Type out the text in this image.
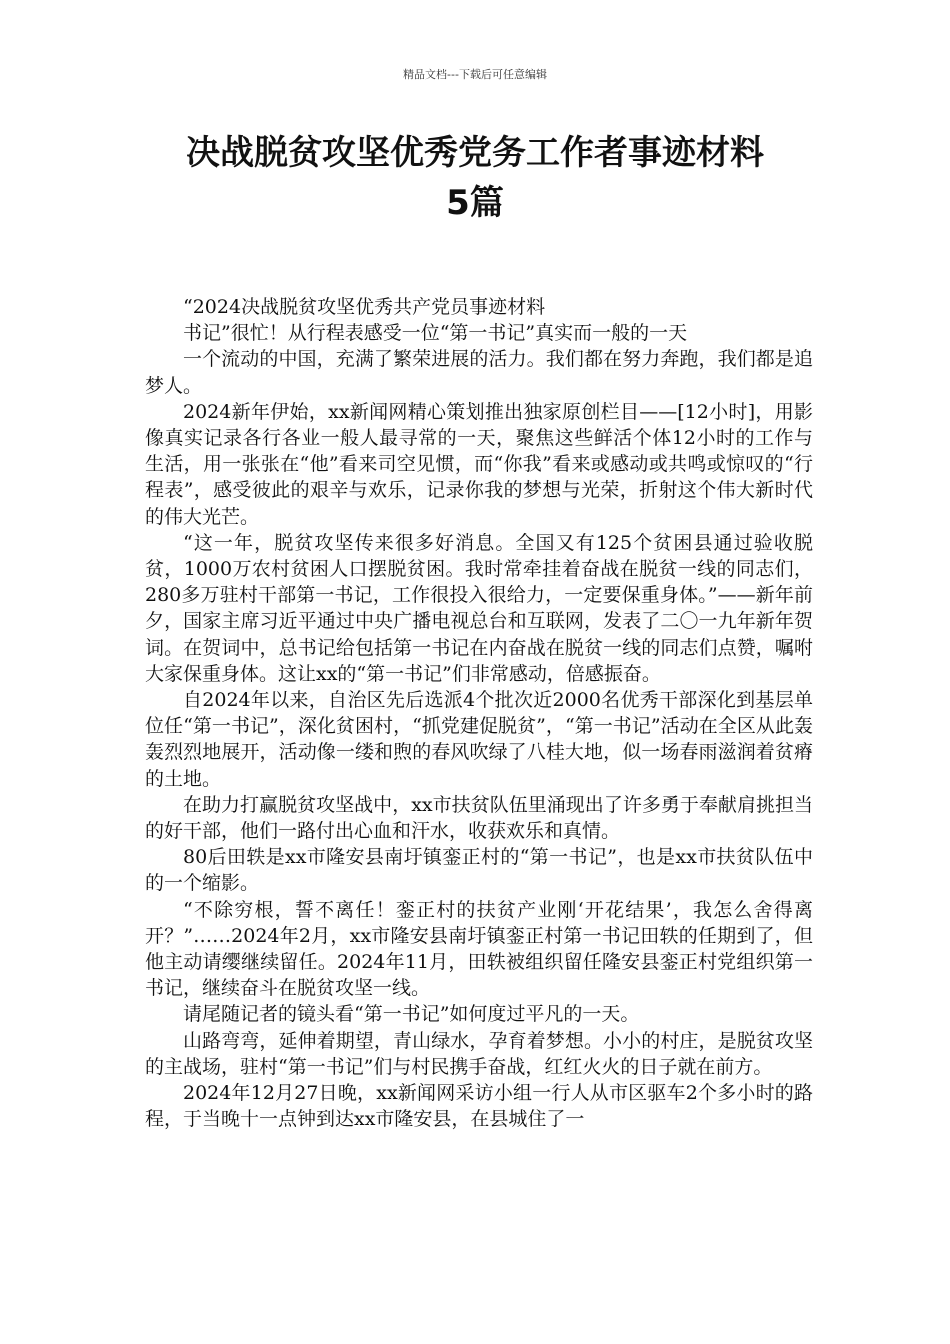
精品文档---下载后可任意编辑
决战脱贫攻坚优秀党务工作者事迹材料
5篇

“2024决战脱贫攻坚优秀共产党员事迹材料

书记”很忙！从行程表感受一位“第一书记”真实而一般的一天

一个流动的中国，充满了繁荣进展的活力。我们都在努力奔跑，我们都是追梦人。

2024新年伊始，xx新闻网精心策划推出独家原创栏目——[12小时]，用影像真实记录各行各业一般人最寻常的一天，聚焦这些鲜活个体12小时的工作与生活，用一张张在“他”看来司空见惯，而“你我”看来或感动或共鸣或惊叹的“行程表”，感受彼此的艰辛与欢乐，记录你我的梦想与光荣，折射这个伟大新时代的伟大光芒。

“这一年，脱贫攻坚传来很多好消息。全国又有125个贫困县通过验收脱贫，1000万农村贫困人口摆脱贫困。我时常牵挂着奋战在脱贫一线的同志们，280多万驻村干部第一书记，工作很投入很给力，一定要保重身体。”——新年前夕，国家主席习近平通过中央广播电视总台和互联网，发表了二〇一九年新年贺词。在贺词中，总书记给包括第一书记在内奋战在脱贫一线的同志们点赞，嘱咐大家保重身体。这让xx的“第一书记”们非常感动，倍感振奋。

自2024年以来，自治区先后选派4个批次近2000名优秀干部深化到基层单位任“第一书记”，深化贫困村，“抓党建促脱贫”，“第一书记”活动在全区从此轰轰烈烈地展开，活动像一缕和煦的春风吹绿了八桂大地，似一场春雨滋润着贫瘠的土地。

在助力打赢脱贫攻坚战中，xx市扶贫队伍里涌现出了许多勇于奉献肩挑担当的好干部，他们一路付出心血和汗水，收获欢乐和真情。

80后田轶是xx市隆安县南圩镇銮正村的“第一书记”，也是xx市扶贫队伍中的一个缩影。

“不除穷根，誓不离任！銮正村的扶贫产业刚‘开花结果’，我怎么舍得离开？”……2024年2月，xx市隆安县南圩镇銮正村第一书记田轶的任期到了，但他主动请缨继续留任。2024年11月，田轶被组织留任隆安县銮正村党组织第一书记，继续奋斗在脱贫攻坚一线。

请尾随记者的镜头看“第一书记”如何度过平凡的一天。

山路弯弯，延伸着期望，青山绿水，孕育着梦想。小小的村庄，是脱贫攻坚的主战场，驻村“第一书记”们与村民携手奋战，红红火火的日子就在前方。

2024年12月27日晚，xx新闻网采访小组一行人从市区驱车2个多小时的路程，于当晚十一点钟到达xx市隆安县，在县城住了一
